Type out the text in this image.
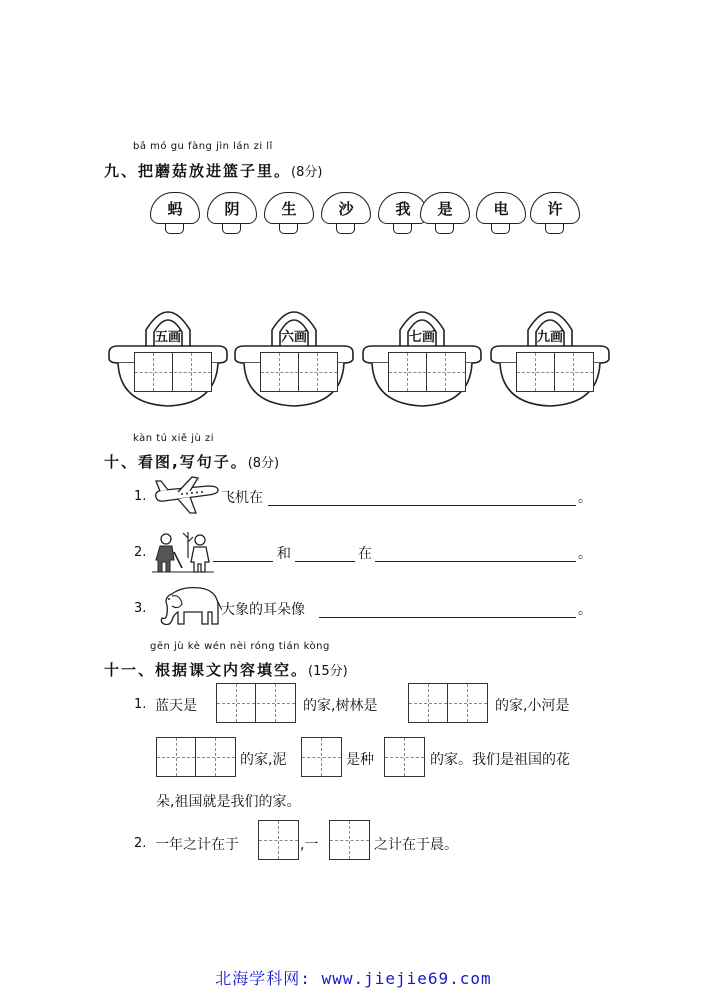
bǎ mó gu fàng jìn lán zi lǐ
九、把蘑菇放进篮子里。(8分)
蚂	阴	生	沙	我	是	电	许
五画	六画	七画	九画
kàn tú xiě jù zi
十、看图,写句子。(8分)
1.	飞机在	。
2.	和	在	。
3.	大象的耳朵像	。
gēn jù kè wén nèi róng tián kòng
十一、根据课文内容填空。(15分)
1. 蓝天是	的家,树林是	的家,小河是
的家,泥	是种	的家。我们是祖国的花
朵,祖国就是我们的家。
2. 一年之计在于	,一	之计在于晨。
北海学科网: www.jiejie69.com
